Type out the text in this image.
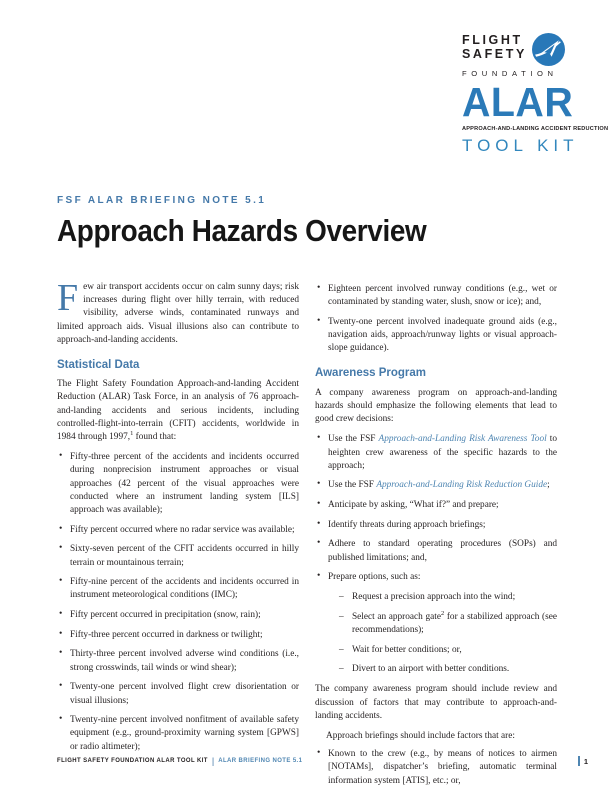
FLIGHT
SAFETY
FOUNDATION
ALAR
APPROACH-AND-LANDING ACCIDENT REDUCTION
TOOL KIT
FSF ALAR BRIEFING NOTE 5.1
Approach Hazards Overview

Few air transport accidents occur on calm sunny days; risk increases during flight over hilly terrain, with reduced visibility, adverse winds, contaminated runways and limited approach aids. Visual illusions also can contribute to approach-and-landing accidents.

Statistical Data

The Flight Safety Foundation Approach-and-landing Accident Reduction (ALAR) Task Force, in an analysis of 76 approach-and-landing accidents and serious incidents, including controlled-flight-into-terrain (CFIT) accidents, worldwide in 1984 through 1997,$^1$ found that:

• Fifty-three percent of the accidents and incidents occurred during nonprecision instrument approaches or visual approaches (42 percent of the visual approaches were conducted where an instrument landing system [ILS] approach was available);
• Fifty percent occurred where no radar service was available;
• Sixty-seven percent of the CFIT accidents occurred in hilly terrain or mountainous terrain;
• Fifty-nine percent of the accidents and incidents occurred in instrument meteorological conditions (IMC);
• Fifty percent occurred in precipitation (snow, rain);
• Fifty-three percent occurred in darkness or twilight;
• Thirty-three percent involved adverse wind conditions (i.e., strong crosswinds, tail winds or wind shear);
• Twenty-one percent involved flight crew disorientation or visual illusions;
• Twenty-nine percent involved nonfitment of available safety equipment (e.g., ground-proximity warning system [GPWS] or radio altimeter);
• Eighteen percent involved runway conditions (e.g., wet or contaminated by standing water, slush, snow or ice); and,
• Twenty-one percent involved inadequate ground aids (e.g., navigation aids, approach/runway lights or visual approach-slope guidance).
Awareness Program

A company awareness program on approach-and-landing hazards should emphasize the following elements that lead to good crew decisions:

• Use the FSF Approach-and-Landing Risk Awareness Tool to heighten crew awareness of the specific hazards to the approach;
• Use the FSF Approach-and-Landing Risk Reduction Guide;
• Anticipate by asking, “What if?” and prepare;
• Identify threats during approach briefings;
• Adhere to standard operating procedures (SOPs) and published limitations; and,
• Prepare options, such as:
– Request a precision approach into the wind;
– Select an approach gate$^2$ for a stabilized approach (see recommendations);
– Wait for better conditions; or,
– Divert to an airport with better conditions.

The company awareness program should include review and discussion of factors that may contribute to approach-and-landing accidents.

Approach briefings should include factors that are:

• Known to the crew (e.g., by means of notices to airmen [NOTAMs], dispatcher’s briefing, automatic terminal information system [ATIS], etc.; or,
FLIGHT SAFETY FOUNDATION ALAR TOOL KIT | ALAR BRIEFING NOTE 5.1	1
